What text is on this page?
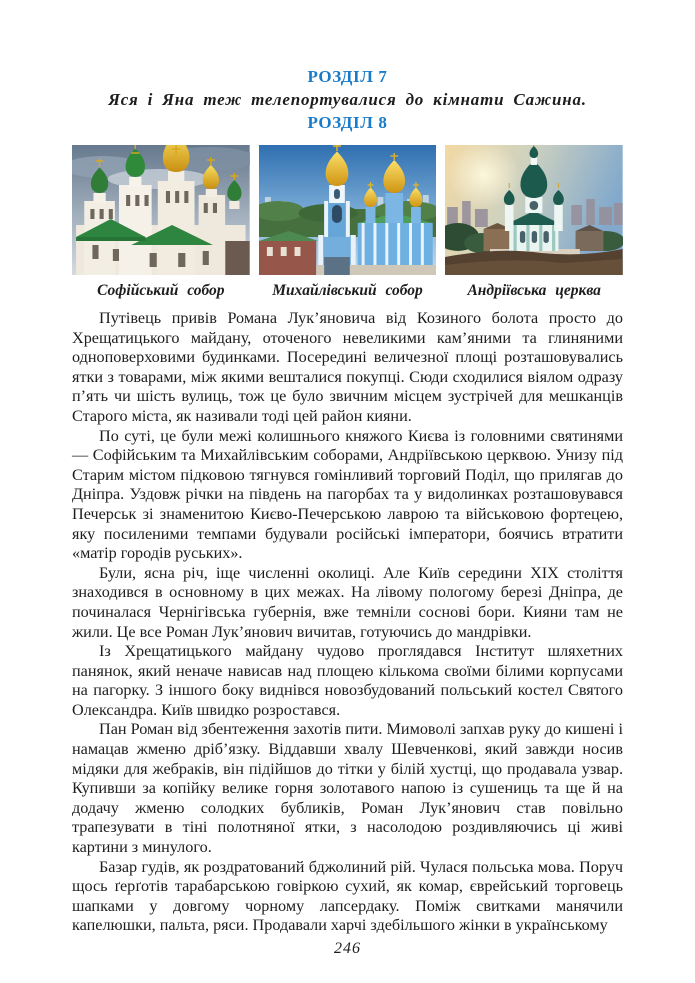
РОЗДІЛ 7
Яся і Яна теж телепортувалися до кімнати Сажина.
РОЗДІЛ 8
Софійський собор	Михайлівський собор	Андріївська церква

Путівець привів Романа Лук’яновича від Козиного болота просто до Хрещатицького майдану, оточеного невеликими кам’яними та глиняними одноповерховими будинками. Посередині величезної площі розташовувались ятки з товарами, між якими вешталися покупці. Сюди сходилися віялом одразу п’ять чи шість вулиць, тож це було звичним місцем зустрічей для мешканців Старого міста, як називали тоді цей район кияни.

По суті, це були межі колишнього княжого Києва із головними святинями — Софійським та Михайлівським соборами, Андріївською церквою. Унизу під Старим містом підковою тягнувся гомінливий торговий Поділ, що прилягав до Дніпра. Уздовж річки на південь на пагорбах та у видолинках розташовувався Печерськ зі знаменитою Києво-Печерською лаврою та військовою фортецею, яку посиленими темпами будували російські імператори, боячись втратити «матір городів руських».

Були, ясна річ, іще численні околиці. Але Київ середини XIX століття знаходився в основному в цих межах. На лівому пологому березі Дніпра, де починалася Чернігівська губернія, вже темніли соснові бори. Кияни там не жили. Це все Роман Лук’янович вичитав, готуючись до мандрівки.

Із Хрещатицького майдану чудово проглядався Інститут шляхетних панянок, який неначе нависав над площею кількома своїми білими корпусами на пагорку. З іншого боку виднівся новозбудований польський костел Святого Олександра. Київ швидко розростався.

Пан Роман від збентеження захотів пити. Мимоволі запхав руку до кишені і намацав жменю дріб’язку. Віддавши хвалу Шевченкові, який завжди носив мідяки для жебраків, він підійшов до тітки у білій хустці, що продавала узвар. Купивши за копійку велике горня золотавого напою із сушениць та ще й на додачу жменю солодких бубликів, Роман Лук’янович став повільно трапезувати в тіні полотняної ятки, з насолодою роздивляючись ці живі картини з минулого.

Базар гудів, як роздратований бджолиний рій. Чулася польська мова. Поруч щось ґерґотів тарабарською говіркою сухий, як комар, єврейський торговець шапками у довгому чорному лапсердаку. Поміж свитками манячили капелюшки, пальта, ряси. Продавали харчі здебільшого жінки в українському

246
